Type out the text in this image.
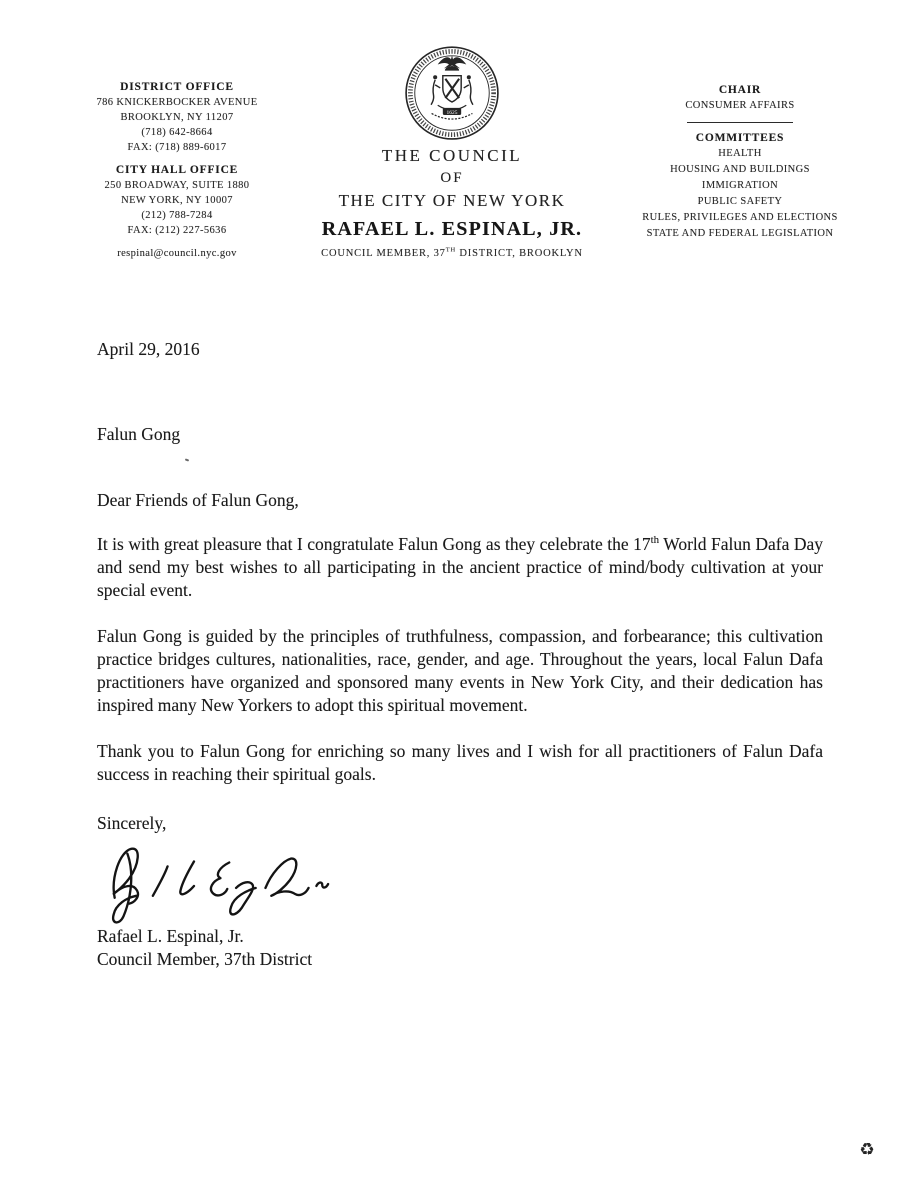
DISTRICT OFFICE
786 KNICKERBOCKER AVENUE
BROOKLYN, NY 11207
(718) 642-8664
FAX: (718) 889-6017
CITY HALL OFFICE
250 BROADWAY, SUITE 1880
NEW YORK, NY 10007
(212) 788-7284
FAX: (212) 227-5636
respinal@council.nyc.gov
1625
THE COUNCIL
OF
THE CITY OF NEW YORK
RAFAEL L. ESPINAL, JR.
COUNCIL MEMBER, 37TH DISTRICT, BROOKLYN
CHAIR
CONSUMER AFFAIRS
COMMITTEES
HEALTH
HOUSING AND BUILDINGS
IMMIGRATION
PUBLIC SAFETY
RULES, PRIVILEGES AND ELECTIONS
STATE AND FEDERAL LEGISLATION

April 29, 2016

Falun Gong

Dear Friends of Falun Gong,

It is with great pleasure that I congratulate Falun Gong as they celebrate the 17th World Falun Dafa Day and send my best wishes to all participating in the ancient practice of mind/body cultivation at your special event.

Falun Gong is guided by the principles of truthfulness, compassion, and forbearance; this cultivation practice bridges cultures, nationalities, race, gender, and age. Throughout the years, local Falun Dafa practitioners have organized and sponsored many events in New York City, and their dedication has inspired many New Yorkers to adopt this spiritual movement.

Thank you to Falun Gong for enriching so many lives and I wish for all practitioners of Falun Dafa success in reaching their spiritual goals.

Sincerely,

Rafael L. Espinal, Jr.

Council Member, 37th District

♻
